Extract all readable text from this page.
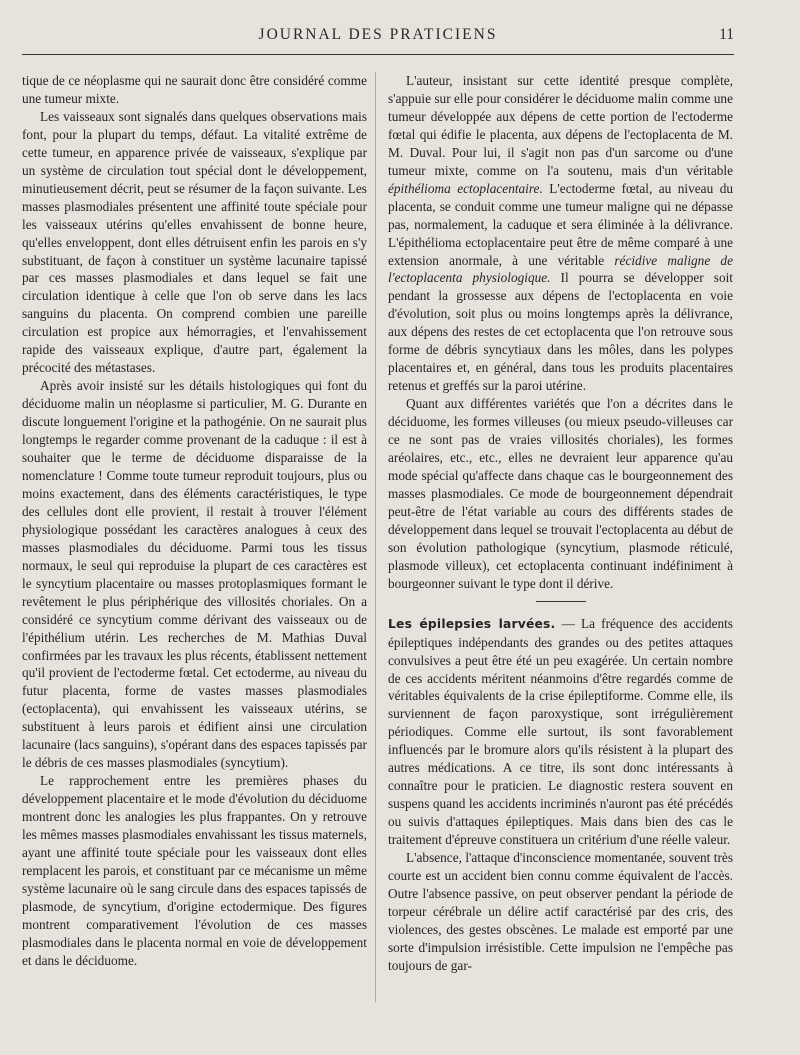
JOURNAL DES PRATICIENS	11

tique de ce néoplasme qui ne saurait donc être considéré comme une tumeur mixte.

Les vaisseaux sont signalés dans quelques observations mais font, pour la plupart du temps, défaut. La vitalité extrême de cette tumeur, en apparence privée de vaisseaux, s'explique par un système de circulation tout spécial dont le développement, minutieusement décrit, peut se résumer de la façon suivante. Les masses plasmodiales présentent une affinité toute spéciale pour les vaisseaux utérins qu'elles envahissent de bonne heure, qu'elles enveloppent, dont elles détruisent enfin les parois en s'y substituant, de façon à constituer un système lacunaire tapissé par ces masses plasmodiales et dans lequel se fait une circulation identique à celle que l'on ob serve dans les lacs sanguins du placenta. On comprend combien une pareille circulation est propice aux hémorragies, et l'envahissement rapide des vaisseaux explique, d'autre part, également la précocité des métastases.

Après avoir insisté sur les détails histologiques qui font du déciduome malin un néoplasme si particulier, M. G. Durante en discute longuement l'origine et la pathogénie. On ne saurait plus longtemps le regarder comme provenant de la caduque : il est à souhaiter que le terme de déciduome disparaisse de la nomenclature ! Comme toute tumeur reproduit toujours, plus ou moins exactement, dans des éléments caractéristiques, le type des cellules dont elle provient, il restait à trouver l'élément physiologique possédant les caractères analogues à ceux des masses plasmodiales du déciduome. Parmi tous les tissus normaux, le seul qui reproduise la plupart de ces caractères est le syncytium placentaire ou masses protoplasmiques formant le revêtement le plus périphérique des villosités choriales. On a considéré ce syncytium comme dérivant des vaisseaux ou de l'épithélium utérin. Les recherches de M. Mathias Duval confirmées par les travaux les plus récents, établissent nettement qu'il provient de l'ectoderme fœtal. Cet ectoderme, au niveau du futur placenta, forme de vastes masses plasmodiales (ectoplacenta), qui envahissent les vaisseaux utérins, se substituent à leurs parois et édifient ainsi une circulation lacunaire (lacs sanguins), s'opérant dans des espaces tapissés par le débris de ces masses plasmodiales (syncytium).

Le rapprochement entre les premières phases du développement placentaire et le mode d'évolution du déciduome montrent donc les analogies les plus frappantes. On y retrouve les mêmes masses plasmodiales envahissant les tissus maternels, ayant une affinité toute spéciale pour les vaisseaux dont elles remplacent les parois, et constituant par ce mécanisme un même système lacunaire où le sang circule dans des espaces tapissés de plasmode, de syncytium, d'origine ectodermique. Des figures montrent comparativement l'évolution de ces masses plasmodiales dans le placenta normal en voie de développement et dans le déciduome.

L'auteur, insistant sur cette identité presque complète, s'appuie sur elle pour considérer le déciduome malin comme une tumeur développée aux dépens de cette portion de l'ectoderme fœtal qui édifie le placenta, aux dépens de l'ectoplacenta de M. M. Duval. Pour lui, il s'agit non pas d'un sarcome ou d'une tumeur mixte, comme on l'a soutenu, mais d'un véritable épithélioma ectoplacentaire. L'ectoderme fœtal, au niveau du placenta, se conduit comme une tumeur maligne qui ne dépasse pas, normalement, la caduque et sera éliminée à la délivrance. L'épithélioma ectoplacentaire peut être de même comparé à une extension anormale, à une véritable récidive maligne de l'ectoplacenta physiologique. Il pourra se développer soit pendant la grossesse aux dépens de l'ectoplacenta en voie d'évolution, soit plus ou moins longtemps après la délivrance, aux dépens des restes de cet ectoplacenta que l'on retrouve sous forme de débris syncytiaux dans les môles, dans les polypes placentaires et, en général, dans tous les produits placentaires retenus et greffés sur la paroi utérine.

Quant aux différentes variétés que l'on a décrites dans le déciduome, les formes villeuses (ou mieux pseudo-villeuses car ce ne sont pas de vraies villosités choriales), les formes aréolaires, etc., etc., elles ne devraient leur apparence qu'au mode spécial qu'affecte dans chaque cas le bourgeonnement des masses plasmodiales. Ce mode de bourgeonnement dépendrait peut-être de l'état variable au cours des différents stades de développement dans lequel se trouvait l'ectoplacenta au début de son évolution pathologique (syncytium, plasmode réticulé, plasmode villeux), cet ectoplacenta continuant indéfiniment à bourgeonner suivant le type dont il dérive.

Les épilepsies larvées. — La fréquence des accidents épileptiques indépendants des grandes ou des petites attaques convulsives a peut être été un peu exagérée. Un certain nombre de ces accidents méritent néanmoins d'être regardés comme de véritables équivalents de la crise épileptiforme. Comme elle, ils surviennent de façon paroxystique, sont irrégulièrement périodiques. Comme elle surtout, ils sont favorablement influencés par le bromure alors qu'ils résistent à la plupart des autres médications. A ce titre, ils sont donc intéressants à connaître pour le praticien. Le diagnostic restera souvent en suspens quand les accidents incriminés n'auront pas été précédés ou suivis d'attaques épileptiques. Mais dans bien des cas le traitement d'épreuve constituera un critérium d'une réelle valeur.

L'absence, l'attaque d'inconscience momentanée, souvent très courte est un accident bien connu comme équivalent de l'accès. Outre l'absence passive, on peut observer pendant la période de torpeur cérébrale un délire actif caractérisé par des cris, des violences, des gestes obscènes. Le malade est emporté par une sorte d'impulsion irrésistible. Cette impulsion ne l'empêche pas toujours de gar-
